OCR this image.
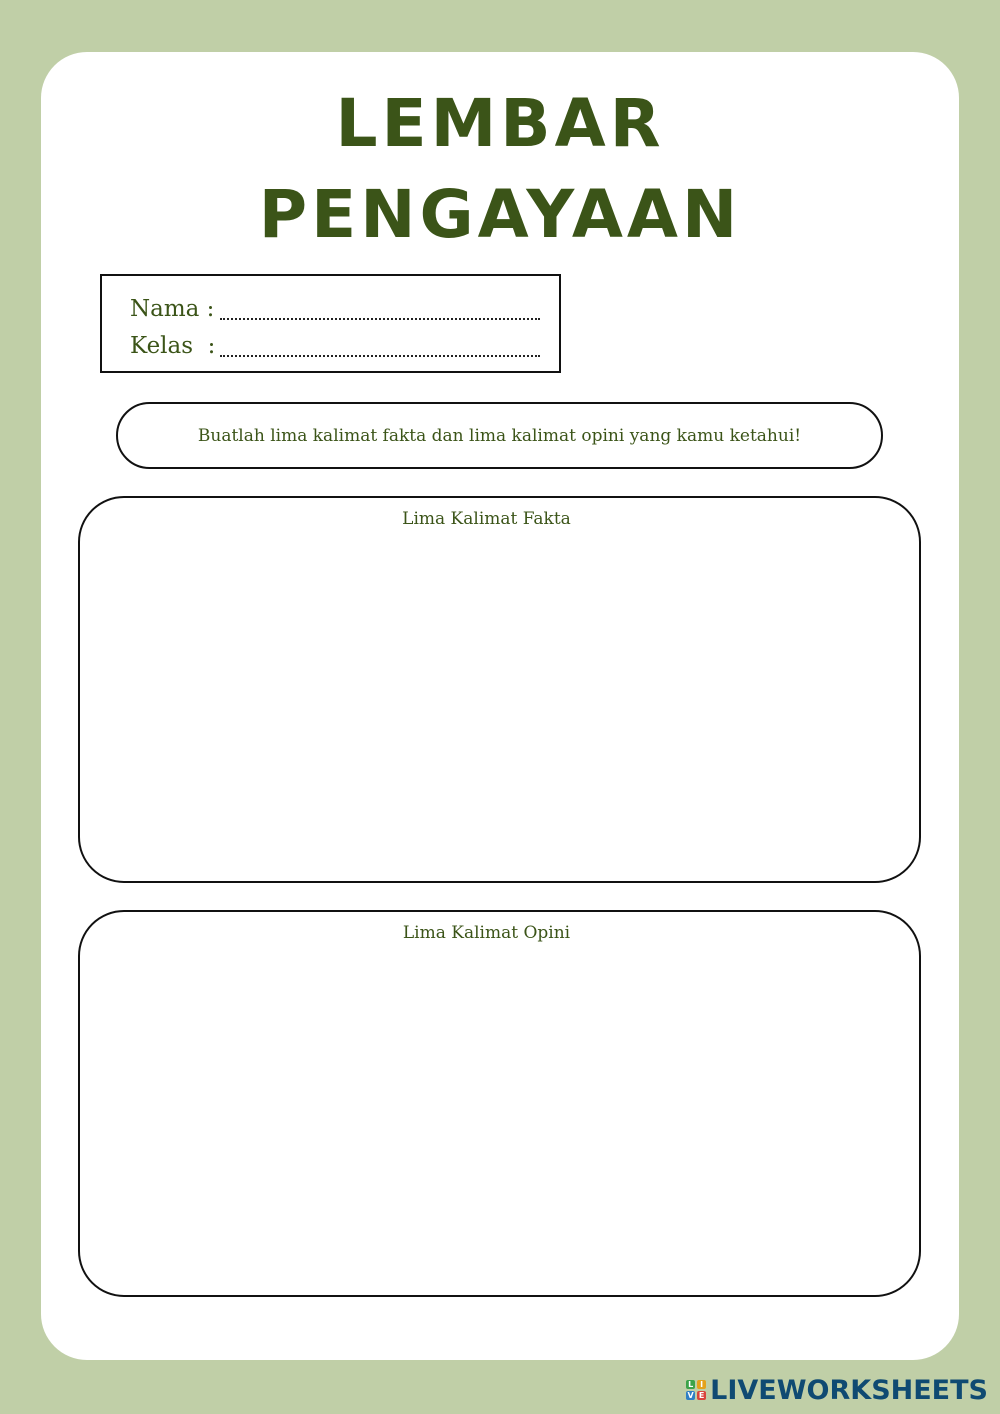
LEMBAR
PENGAYAAN
Nama :
Kelas  :
Buatlah lima kalimat fakta dan lima kalimat opini yang kamu ketahui!
Lima Kalimat Fakta
Lima Kalimat Opini
L I
V E LIVEWORKSHEETS
